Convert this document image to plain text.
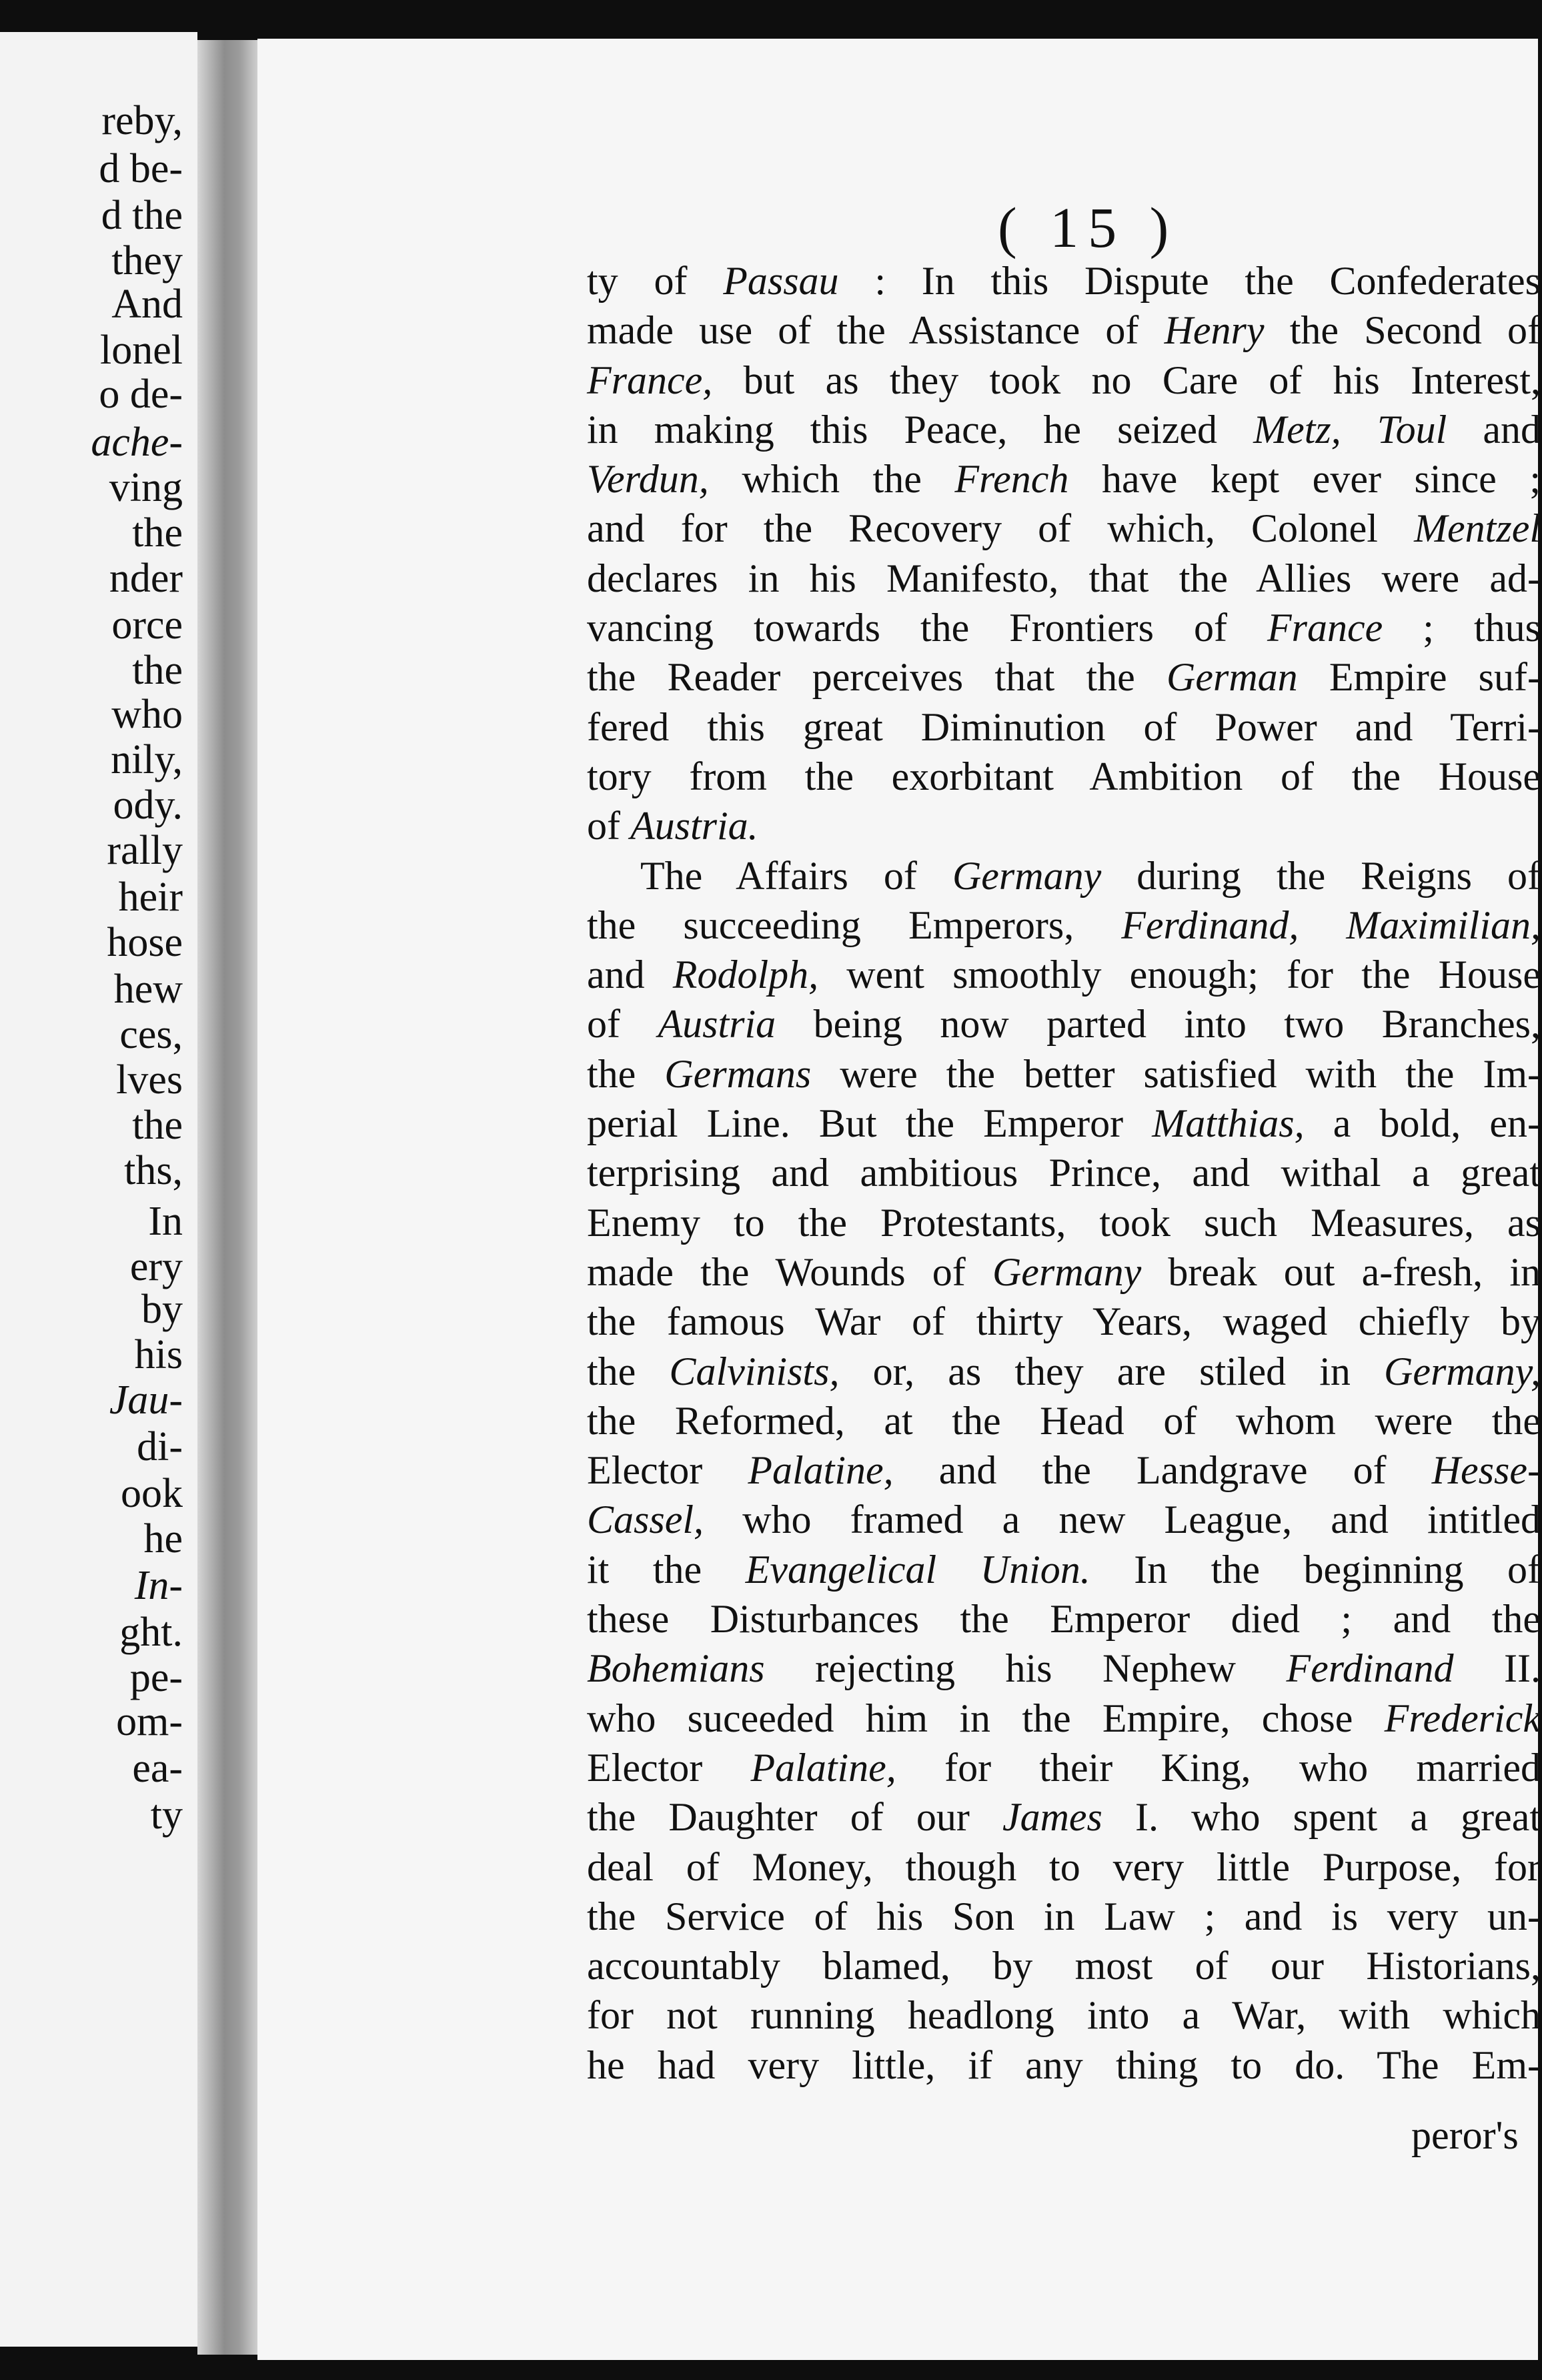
reby,
d be-
d the
they
And
lonel
o de-
ache-
ving
the
nder
orce
the
who
nily,
ody.
rally
heir
hose
hew
ces,
lves
the
ths,
In
ery
by
his
Jau-
di-
ook
he
In-
ght.
pe-
om-
ea-
ty
( 15 )
ty of Passau : In this Dispute the Confederates
made use of the Assistance of Henry the Second of
France, but as they took no Care of his Interest,
in making this Peace, he seized Metz, Toul and
Verdun, which the French have kept ever since ;
and for the Recovery of which, Colonel Mentzel
declares in his Manifesto, that the Allies were ad-
vancing towards the Frontiers of France ; thus
the Reader perceives that the German Empire suf-
fered this great Diminution of Power and Terri-
tory from the exorbitant Ambition of the House
of Austria.
The Affairs of Germany during the Reigns of
the succeeding Emperors, Ferdinand, Maximilian,
and Rodolph, went smoothly enough; for the House
of Austria being now parted into two Branches,
the Germans were the better satisfied with the Im-
perial Line. But the Emperor Matthias, a bold, en-
terprising and ambitious Prince, and withal a great
Enemy to the Protestants, took such Measures, as
made the Wounds of Germany break out a-fresh, in
the famous War of thirty Years, waged chiefly by
the Calvinists, or, as they are stiled in Germany,
the Reformed, at the Head of whom were the
Elector Palatine, and the Landgrave of Hesse-
Cassel, who framed a new League, and intitled
it the Evangelical Union. In the beginning of
these Disturbances the Emperor died ; and the
Bohemians rejecting his Nephew Ferdinand II.
who suceeded him in the Empire, chose Frederick
Elector Palatine, for their King, who married
the Daughter of our James I. who spent a great
deal of Money, though to very little Purpose, for
the Service of his Son in Law ; and is very un-
accountably blamed, by most of our Historians,
for not running headlong into a War, with which
he had very little, if any thing to do. The Em-
peror's
